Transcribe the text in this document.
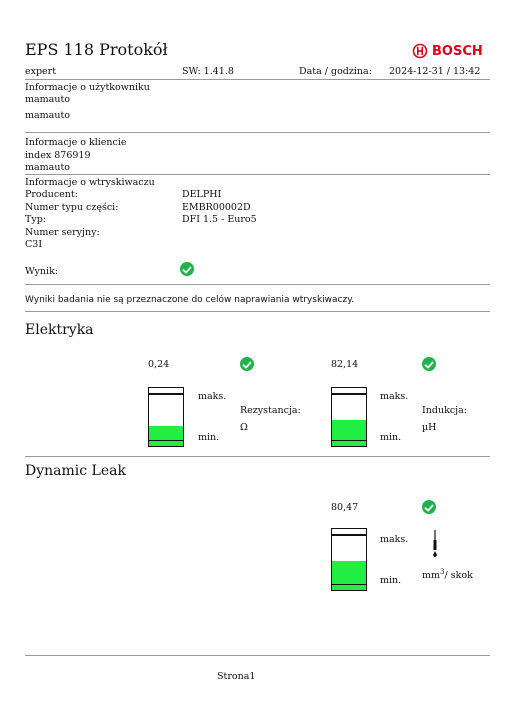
EPS 118 Protokół	BOSCH
expert	SW: 1.41.8	Data / godzina: 2024-12-31 / 13:42
Informacje o użytkowniku
mamauto
mamauto
Informacje o kliencie
index 876919
mamauto
Informacje o wtryskiwaczu
Producent:	DELPHI
Numer typu części:	EMBR00002D
Typ:	DFI 1.5 - Euro5
Numer seryjny:
C3I
Wynik:
Wyniki badania nie są przeznaczone do celów naprawiania wtryskiwaczy.
Elektryka
0,24
maks.
min.
Rezystancja:
Ω
82,14
maks.
min.
Indukcja:
µH
Dynamic Leak
80,47
maks.
min. $mm^3/$ skok
Strona1
